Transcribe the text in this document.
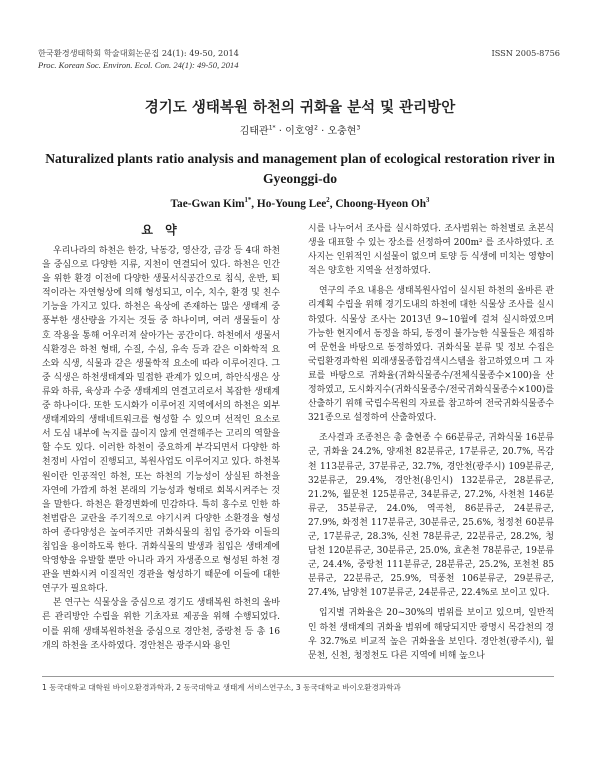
한국환경생태학회 학술대회논문집 24(1): 49-50, 2014	ISSN 2005-8756
Proc. Korean Soc. Environ. Ecol. Con. 24(1): 49-50, 2014
경기도 생태복원 하천의 귀화율 분석 및 관리방안
김태관$^{1*}$ · 이호영$^2$ · 오충현$^3$
Naturalized plants ratio analysis and management plan of ecological restoration river in Gyeonggi-do
Tae-Gwan Kim$^{1*}$, Ho-Young Lee$^2$, Choong-Hyeon Oh$^3$
요 약

우리나라의 하천은 한강, 낙동강, 영산강, 금강 등 4대 하천을 중심으로 다양한 지류, 지천이 연결되어 있다. 하천은 인간을 위한 환경 이전에 다양한 생물서식공간으로 침식, 운반, 퇴적이라는 자연형상에 의해 형성되고, 이수, 치수, 환경 및 친수기능을 가지고 있다. 하천은 육상에 존재하는 많은 생태계 중 풍부한 생산량을 가지는 것들 중 하나이며, 여러 생물들이 상호 작용을 통해 어우러져 살아가는 공간이다. 하천에서 생물서식환경은 하천 형태, 수질, 수심, 유속 등과 같은 이화학적 요소와 식생, 식물과 같은 생물학적 요소에 따라 이루어진다. 그 중 식생은 하천생태계와 밀접한 관계가 있으며, 하안식생은 상류와 하류, 육상과 수중 생태계의 연결고리로서 복잡한 생태계 중 하나이다. 또한 도시화가 이루어진 지역에서의 하천은 외부 생태계와의 생태네트워크를 형성할 수 있으며 선적인 요소로서 도심 내부에 녹지를 끊이지 않게 연결해주는 고리의 역할을 할 수도 있다. 이러한 하천이 중요하게 부각되면서 다양한 하천정비 사업이 진행되고, 복원사업도 이루어지고 있다. 하천복원이란 인공적인 하천, 또는 하천의 기능성이 상실된 하천을 자연에 가깝게 하천 본래의 기능성과 형태로 회복시켜주는 것을 말한다. 하천은 환경변화에 민감하다. 특히 홍수로 인한 하천범람은 교란을 주기적으로 야기시켜 다양한 소환경을 형성하여 종다양성은 높여주지만 귀화식물의 침입 증가와 이들의 침입을 용이하도록 한다. 귀화식물의 발생과 침입은 생태계에 악영향을 유발할 뿐만 아니라 과거 자생종으로 형성된 하천 경관을 변화시켜 이질적인 경관을 형성하기 때문에 이들에 대한 연구가 필요하다.

본 연구는 식물상을 중심으로 경기도 생태복원 하천의 올바른 관리방안 수립을 위한 기초자료 제공을 위해 수행되었다. 이를 위해 생태복원하천을 중심으로 경안천, 중랑천 등 총 16개의 하천을 조사하였다. 경안천은 광주시와 용인

시를 나누어서 조사를 실시하였다. 조사범위는 하천별로 초본식생을 대표할 수 있는 장소를 선정하여 200m² 를 조사하였다. 조사지는 인위적인 시설물이 없으며 토양 등 식생에 미치는 영향이 적은 양호한 지역을 선정하였다.

연구의 주요 내용은 생태복원사업이 실시된 하천의 올바른 관리계획 수립을 위해 경기도내의 하천에 대한 식물상 조사를 실시하였다. 식물상 조사는 2013년 9~10월에 걸쳐 실시하였으며 가능한 현지에서 동정을 하되, 동정이 불가능한 식물들은 채집하여 문헌을 바탕으로 동정하였다. 귀화식물 분류 및 정보 수집은 국립환경과학원 외래생물종합검색시스템을 참고하였으며 그 자료를 바탕으로 귀화율(귀화식물종수/전체식물종수×100)을 산정하였고, 도시화지수(귀화식물종수/전국귀화식물종수×100)를 산출하기 위해 국립수목원의 자료를 참고하여 전국귀화식물종수 321종으로 설정하여 산출하였다.

조사결과 조종천은 총 출현종 수 66분류군, 귀화식물 16분류군, 귀화율 24.2%, 양재천 82분류군, 17분류군, 20.7%, 목감천 113분류군, 37분류군, 32.7%, 경안천(광주시) 109분류군, 32분류군, 29.4%, 경안천(용인시) 132분류군, 28분류군, 21.2%, 월문천 125분류군, 34분류군, 27.2%, 사천천 146분류군, 35분류군, 24.0%, 역곡천, 86분류군, 24분류군, 27.9%, 화정천 117분류군, 30분류군, 25.6%, 청정천 60분류군, 17분류군, 28.3%, 신천 78분류군, 22분류군, 28.2%, 청담천 120분류군, 30분류군, 25.0%, 효촌천 78분류군, 19분류군, 24.4%, 중랑천 111분류군, 28분류군, 25.2%, 포천천 85분류군, 22분류군, 25.9%, 덕풍천 106분류군, 29분류군, 27.4%, 남양천 107분류군, 24분류군, 22.4%로 보이고 있다.

입지별 귀화율은 20~30%의 범위를 보이고 있으며, 일반적인 하천 생태계의 귀화율 범위에 해당되지만 광명시 목감천의 경우 32.7%로 비교적 높은 귀화율을 보인다. 경안천(광주시), 월문천, 신천, 청정천도 다른 지역에 비해 높으나

1 동국대학교 대학원 바이오환경과학과, 2 동국대학교 생태계 서비스연구소, 3 동국대학교 바이오환경과학과
